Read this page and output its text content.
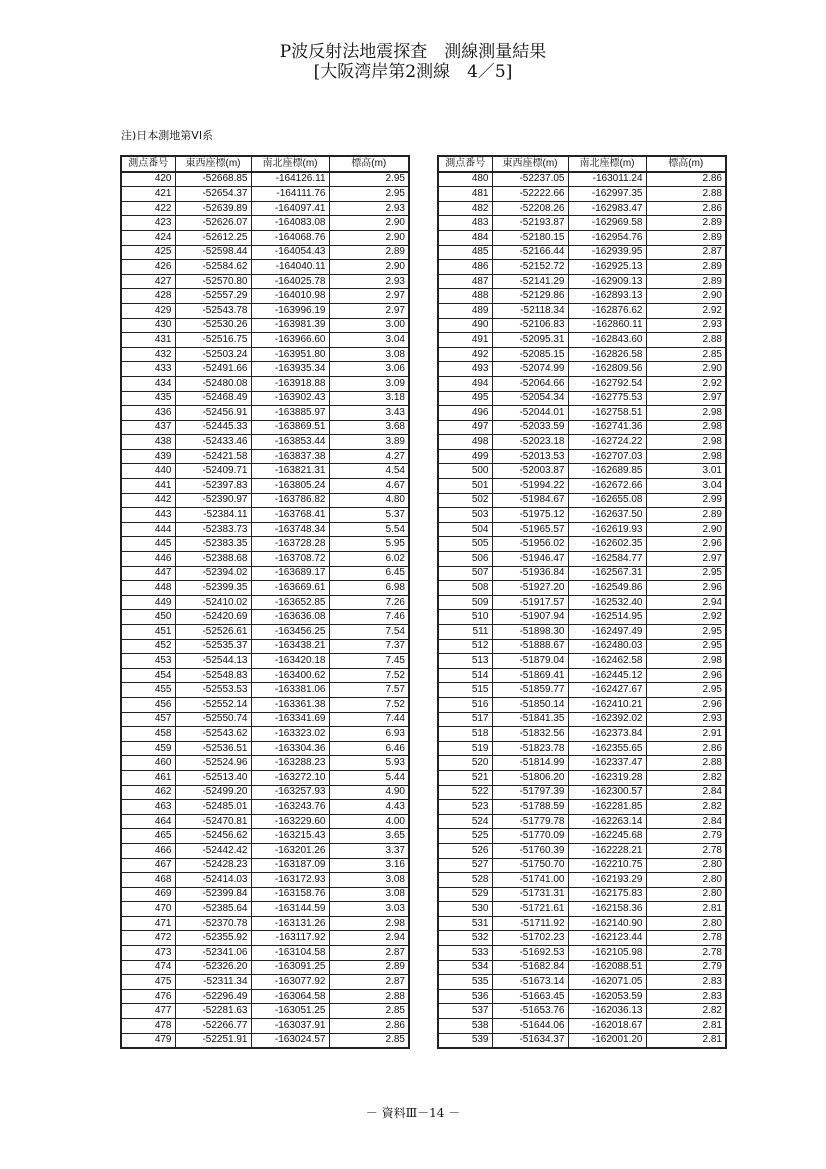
P波反射法地震探査　測線測量結果
[大阪湾岸第2測線　4／5]
注)日本測地第VI系
測点番号	東西座標(m)	南北座標(m)	標高(m)
420	-52668.85	-164126.11	2.95
421	-52654.37	-164111.76	2.95
422	-52639.89	-164097.41	2.93
423	-52626.07	-164083.08	2.90
424	-52612.25	-164068.76	2.90
425	-52598.44	-164054.43	2.89
426	-52584.62	-164040.11	2.90
427	-52570.80	-164025.78	2.93
428	-52557.29	-164010.98	2.97
429	-52543.78	-163996.19	2.97
430	-52530.26	-163981.39	3.00
431	-52516.75	-163966.60	3.04
432	-52503.24	-163951.80	3.08
433	-52491.66	-163935.34	3.06
434	-52480.08	-163918.88	3.09
435	-52468.49	-163902.43	3.18
436	-52456.91	-163885.97	3.43
437	-52445.33	-163869.51	3.68
438	-52433.46	-163853.44	3.89
439	-52421.58	-163837.38	4.27
440	-52409.71	-163821.31	4.54
441	-52397.83	-163805.24	4.67
442	-52390.97	-163786.82	4.80
443	-52384.11	-163768.41	5.37
444	-52383.73	-163748.34	5.54
445	-52383.35	-163728.28	5.95
446	-52388.68	-163708.72	6.02
447	-52394.02	-163689.17	6.45
448	-52399.35	-163669.61	6.98
449	-52410.02	-163652.85	7.26
450	-52420.69	-163636.08	7.46
451	-52526.61	-163456.25	7.54
452	-52535.37	-163438.21	7.37
453	-52544.13	-163420.18	7.45
454	-52548.83	-163400.62	7.52
455	-52553.53	-163381.06	7.57
456	-52552.14	-163361.38	7.52
457	-52550.74	-163341.69	7.44
458	-52543.62	-163323.02	6.93
459	-52536.51	-163304.36	6.46
460	-52524.96	-163288.23	5.93
461	-52513.40	-163272.10	5.44
462	-52499.20	-163257.93	4.90
463	-52485.01	-163243.76	4.43
464	-52470.81	-163229.60	4.00
465	-52456.62	-163215.43	3.65
466	-52442.42	-163201.26	3.37
467	-52428.23	-163187.09	3.16
468	-52414.03	-163172.93	3.08
469	-52399.84	-163158.76	3.08
470	-52385.64	-163144.59	3.03
471	-52370.78	-163131.26	2.98
472	-52355.92	-163117.92	2.94
473	-52341.06	-163104.58	2.87
474	-52326.20	-163091.25	2.89
475	-52311.34	-163077.92	2.87
476	-52296.49	-163064.58	2.88
477	-52281.63	-163051.25	2.85
478	-52266.77	-163037.91	2.86
479	-52251.91	-163024.57	2.85
測点番号	東西座標(m)	南北座標(m)	標高(m)
480	-52237.05	-163011.24	2.86
481	-52222.66	-162997.35	2.88
482	-52208.26	-162983.47	2.86
483	-52193.87	-162969.58	2.89
484	-52180.15	-162954.76	2.89
485	-52166.44	-162939.95	2.87
486	-52152.72	-162925.13	2.89
487	-52141.29	-162909.13	2.89
488	-52129.86	-162893.13	2.90
489	-52118.34	-162876.62	2.92
490	-52106.83	-162860.11	2.93
491	-52095.31	-162843.60	2.88
492	-52085.15	-162826.58	2.85
493	-52074.99	-162809.56	2.90
494	-52064.66	-162792.54	2.92
495	-52054.34	-162775.53	2.97
496	-52044.01	-162758.51	2.98
497	-52033.59	-162741.36	2.98
498	-52023.18	-162724.22	2.98
499	-52013.53	-162707.03	2.98
500	-52003.87	-162689.85	3.01
501	-51994.22	-162672.66	3.04
502	-51984.67	-162655.08	2.99
503	-51975.12	-162637.50	2.89
504	-51965.57	-162619.93	2.90
505	-51956.02	-162602.35	2.96
506	-51946.47	-162584.77	2.97
507	-51936.84	-162567.31	2.95
508	-51927.20	-162549.86	2.96
509	-51917.57	-162532.40	2.94
510	-51907.94	-162514.95	2.92
511	-51898.30	-162497.49	2.95
512	-51888.67	-162480.03	2.95
513	-51879.04	-162462.58	2.98
514	-51869.41	-162445.12	2.96
515	-51859.77	-162427.67	2.95
516	-51850.14	-162410.21	2.96
517	-51841.35	-162392.02	2.93
518	-51832.56	-162373.84	2.91
519	-51823.78	-162355.65	2.86
520	-51814.99	-162337.47	2.88
521	-51806.20	-162319.28	2.82
522	-51797.39	-162300.57	2.84
523	-51788.59	-162281.85	2.82
524	-51779.78	-162263.14	2.84
525	-51770.09	-162245.68	2.79
526	-51760.39	-162228.21	2.78
527	-51750.70	-162210.75	2.80
528	-51741.00	-162193.29	2.80
529	-51731.31	-162175.83	2.80
530	-51721.61	-162158.36	2.81
531	-51711.92	-162140.90	2.80
532	-51702.23	-162123.44	2.78
533	-51692.53	-162105.98	2.78
534	-51682.84	-162088.51	2.79
535	-51673.14	-162071.05	2.83
536	-51663.45	-162053.59	2.83
537	-51653.76	-162036.13	2.82
538	-51644.06	-162018.67	2.81
539	-51634.37	-162001.20	2.81
－ 資料Ⅲ－14 －
